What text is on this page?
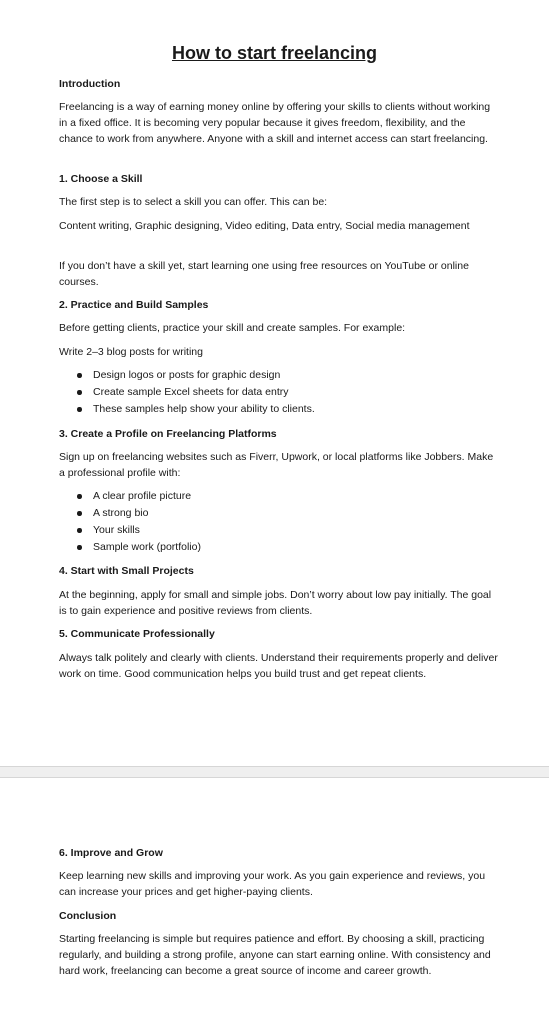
How to start freelancing
Introduction

Freelancing is a way of earning money online by offering your skills to clients without working in a fixed office. It is becoming very popular because it gives freedom, flexibility, and the chance to work from anywhere. Anyone with a skill and internet access can start freelancing.

1. Choose a Skill

The first step is to select a skill you can offer. This can be:

Content writing, Graphic designing, Video editing, Data entry, Social media management

If you don’t have a skill yet, start learning one using free resources on YouTube or online courses.

2. Practice and Build Samples

Before getting clients, practice your skill and create samples. For example:

Write 2–3 blog posts for writing

Design logos or posts for graphic design
Create sample Excel sheets for data entry
These samples help show your ability to clients.
3. Create a Profile on Freelancing Platforms

Sign up on freelancing websites such as Fiverr, Upwork, or local platforms like Jobbers. Make a professional profile with:

A clear profile picture
A strong bio
Your skills
Sample work (portfolio)
4. Start with Small Projects

At the beginning, apply for small and simple jobs. Don’t worry about low pay initially. The goal is to gain experience and positive reviews from clients.

5. Communicate Professionally

Always talk politely and clearly with clients. Understand their requirements properly and deliver work on time. Good communication helps you build trust and get repeat clients.

6. Improve and Grow

Keep learning new skills and improving your work. As you gain experience and reviews, you can increase your prices and get higher-paying clients.

Conclusion

Starting freelancing is simple but requires patience and effort. By choosing a skill, practicing regularly, and building a strong profile, anyone can start earning online. With consistency and hard work, freelancing can become a great source of income and career growth.
